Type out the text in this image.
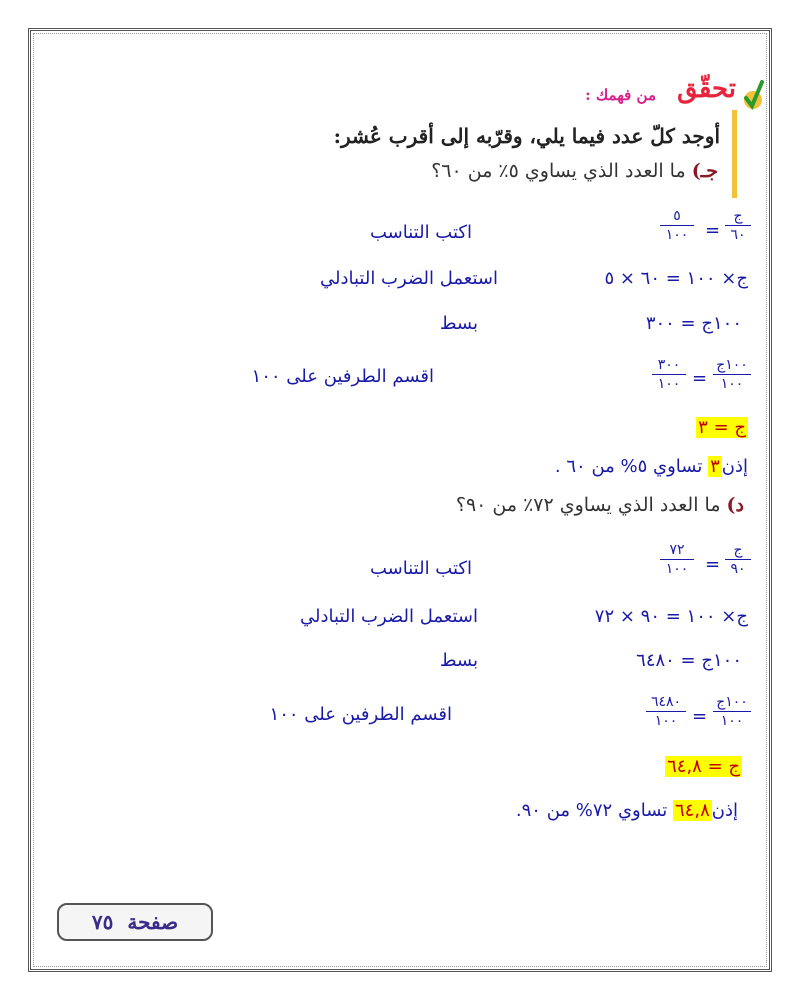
تحقّق
من فهمك :
أوجد كلّ عدد فيما يلي، وقرّبه إلى أقرب عُشر:
جـ) ما العدد الذي يساوي ٥٪ من ٦٠؟
ج
٦٠
=
٥
١٠٠
اكتب التناسب
ج× ١٠٠ = ٦٠ × ٥
استعمل الضرب التبادلي
١٠٠ج = ٣٠٠
بسط
١٠٠ج
١٠٠
=
٣٠٠
١٠٠
اقسم الطرفين على ١٠٠
ج = ٣
إذن٣ تساوي ٥% من ٦٠ .
د) ما العدد الذي يساوي ٧٢٪ من ٩٠؟
ج
٩٠
=
٧٢
١٠٠
اكتب التناسب
ج× ١٠٠ = ٩٠ × ٧٢
استعمل الضرب التبادلي
١٠٠ج = ٦٤٨٠
بسط
١٠٠ج
١٠٠
=
٦٤٨٠
١٠٠
اقسم الطرفين على ١٠٠
ج = ٦٤,٨
إذن٦٤,٨ تساوي ٧٢% من ٩٠.
صفحة
٧٥
